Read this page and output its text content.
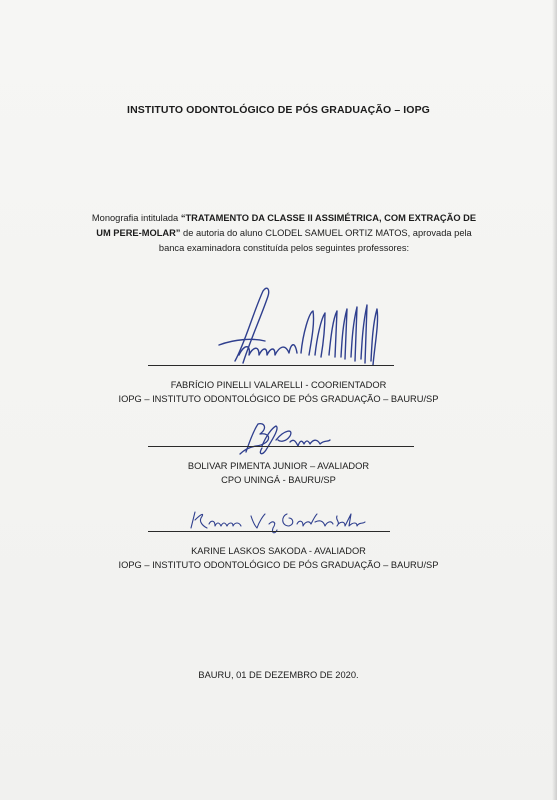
INSTITUTO ODONTOLÓGICO DE PÓS GRADUAÇÃO – IOPG
Monografia intitulada “TRATAMENTO DA CLASSE II ASSIMÉTRICA, COM EXTRAÇÃO DE UM PERE-MOLAR” de autoria do aluno CLODEL SAMUEL ORTIZ MATOS, aprovada pela banca examinadora constituída pelos seguintes professores:
FABRÍCIO PINELLI VALARELLI - COORIENTADOR
IOPG – INSTITUTO ODONTOLÓGICO DE PÓS GRADUAÇÃO – BAURU/SP
BOLIVAR PIMENTA JUNIOR – AVALIADOR
CPO UNINGÁ - BAURU/SP
KARINE LASKOS SAKODA - AVALIADOR
IOPG – INSTITUTO ODONTOLÓGICO DE PÓS GRADUAÇÃO – BAURU/SP
BAURU, 01 DE DEZEMBRO DE 2020.
